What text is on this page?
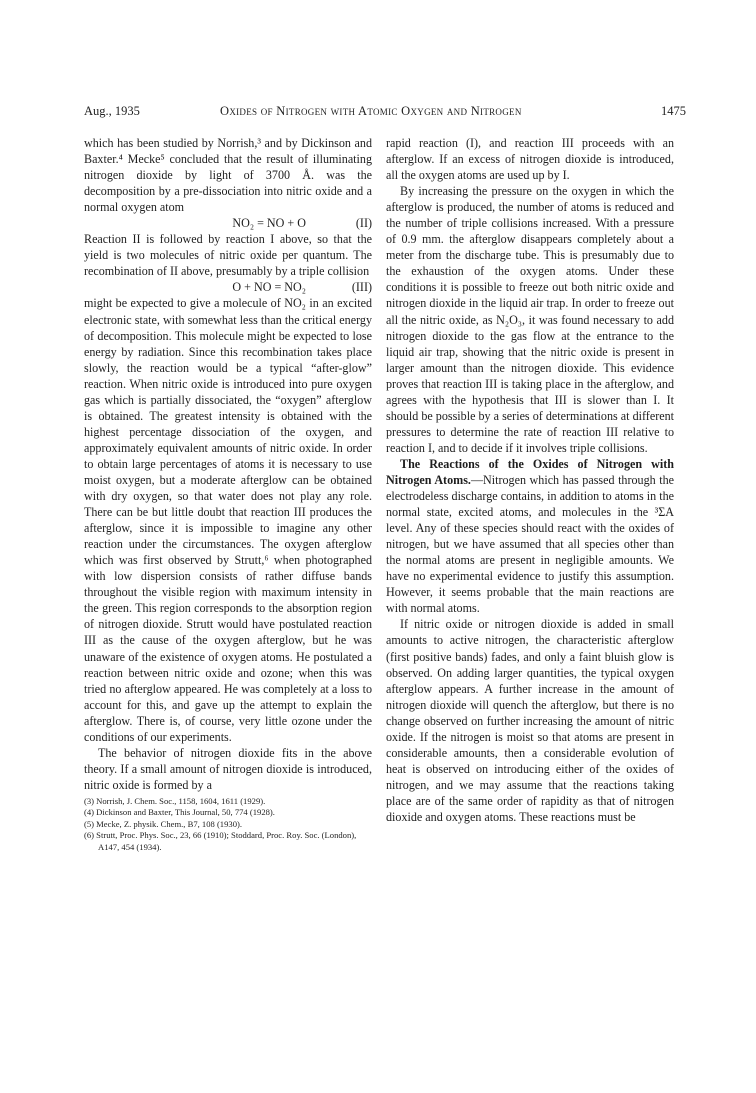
Aug., 1935	Oxides of Nitrogen with Atomic Oxygen and Nitrogen	1475

which has been studied by Norrish,³ and by Dickinson and Baxter.⁴ Mecke⁵ concluded that the result of illuminating nitrogen dioxide by light of 3700 Å. was the decomposition by a pre-dissociation into nitric oxide and a normal oxygen atom

NO₂ = NO + O	(II)

Reaction II is followed by reaction I above, so that the yield is two molecules of nitric oxide per quantum. The recombination of II above, presumably by a triple collision

O + NO = NO₂	(III)

might be expected to give a molecule of NO₂ in an excited electronic state, with somewhat less than the critical energy of decomposition. This molecule might be expected to lose energy by radiation. Since this recombination takes place slowly, the reaction would be a typical “after-glow” reaction. When nitric oxide is introduced into pure oxygen gas which is partially dissociated, the “oxygen” afterglow is obtained. The greatest intensity is obtained with the highest percentage dissociation of the oxygen, and approximately equivalent amounts of nitric oxide. In order to obtain large percentages of atoms it is necessary to use moist oxygen, but a moderate afterglow can be obtained with dry oxygen, so that water does not play any role. There can be but little doubt that reaction III produces the afterglow, since it is impossible to imagine any other reaction under the circumstances. The oxygen afterglow which was first observed by Strutt,⁶ when photographed with low dispersion consists of rather diffuse bands throughout the visible region with maximum intensity in the green. This region corresponds to the absorption region of nitrogen dioxide. Strutt would have postulated reaction III as the cause of the oxygen afterglow, but he was unaware of the existence of oxygen atoms. He postulated a reaction between nitric oxide and ozone; when this was tried no afterglow appeared. He was completely at a loss to account for this, and gave up the attempt to explain the afterglow. There is, of course, very little ozone under the conditions of our experiments.

The behavior of nitrogen dioxide fits in the above theory. If a small amount of nitrogen dioxide is introduced, nitric oxide is formed by a

(3) Norrish, J. Chem. Soc., 1158, 1604, 1611 (1929).
(4) Dickinson and Baxter, This Journal, 50, 774 (1928).
(5) Mecke, Z. physik. Chem., B7, 108 (1930).
(6) Strutt, Proc. Phys. Soc., 23, 66 (1910); Stoddard, Proc. Roy. Soc. (London), A147, 454 (1934).

rapid reaction (I), and reaction III proceeds with an afterglow. If an excess of nitrogen dioxide is introduced, all the oxygen atoms are used up by I.

By increasing the pressure on the oxygen in which the afterglow is produced, the number of atoms is reduced and the number of triple collisions increased. With a pressure of 0.9 mm. the afterglow disappears completely about a meter from the discharge tube. This is presumably due to the exhaustion of the oxygen atoms. Under these conditions it is possible to freeze out both nitric oxide and nitrogen dioxide in the liquid air trap. In order to freeze out all the nitric oxide, as N₂O₃, it was found necessary to add nitrogen dioxide to the gas flow at the entrance to the liquid air trap, showing that the nitric oxide is present in larger amount than the nitrogen dioxide. This evidence proves that reaction III is taking place in the afterglow, and agrees with the hypothesis that III is slower than I. It should be possible by a series of determinations at different pressures to determine the rate of reaction III relative to reaction I, and to decide if it involves triple collisions.

The Reactions of the Oxides of Nitrogen with Nitrogen Atoms.—Nitrogen which has passed through the electrodeless discharge contains, in addition to atoms in the normal state, excited atoms, and molecules in the ³ΣA level. Any of these species should react with the oxides of nitrogen, but we have assumed that all species other than the normal atoms are present in negligible amounts. We have no experimental evidence to justify this assumption. However, it seems probable that the main reactions are with normal atoms.

If nitric oxide or nitrogen dioxide is added in small amounts to active nitrogen, the characteristic afterglow (first positive bands) fades, and only a faint bluish glow is observed. On adding larger quantities, the typical oxygen afterglow appears. A further increase in the amount of nitrogen dioxide will quench the afterglow, but there is no change observed on further increasing the amount of nitric oxide. If the nitrogen is moist so that atoms are present in considerable amounts, then a considerable evolution of heat is observed on introducing either of the oxides of nitrogen, and we may assume that the reactions taking place are of the same order of rapidity as that of nitrogen dioxide and oxygen atoms. These reactions must be
